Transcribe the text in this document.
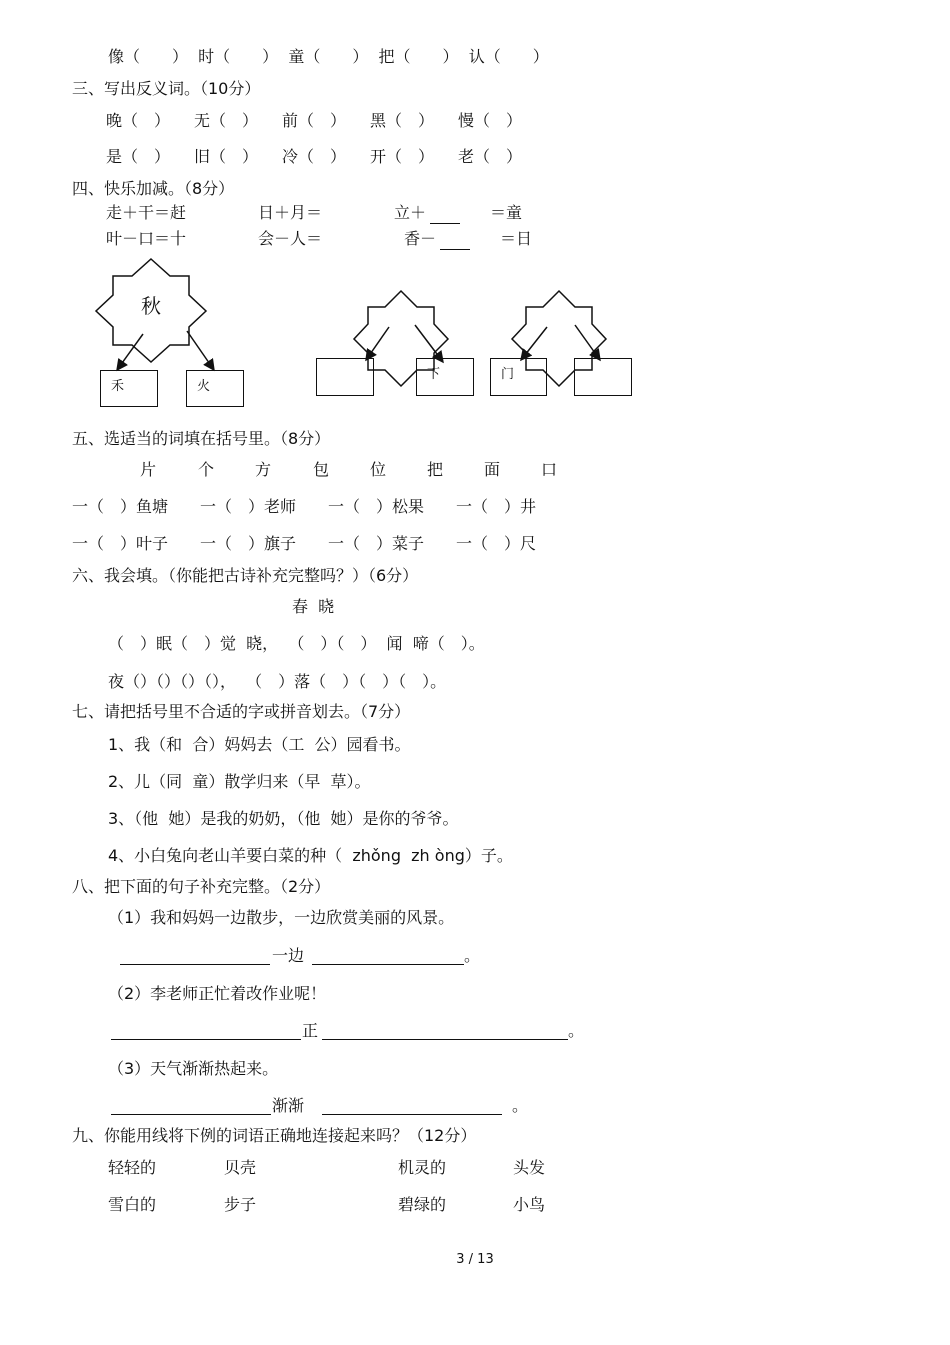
像（　　）  时（　　）  童（　　）  把（　　）  认（　　）
三、写出反义词。（10分）
晚（　）　　无（　）　　前（　）　　黑（　）　　慢（　）
是（　）　　旧（　）　　冷（　）　　开（　）　　老（　）
四、快乐加减。（8分）
走＋干＝赶	日＋月＝	立＋	＝童
叶－口＝十	会－人＝	香－	＝日
秋
禾	火
下	门
五、选适当的词填在括号里。（8分）
片	个	方	包	位	把	面	口
一（　）鱼塘　　一（　）老师　　一（　）松果　　一（　）井
一（　）叶子　　一（　）旗子　　一（　）菜子　　一（　）尺
六、我会填。（你能把古诗补充完整吗？）（6分）
春  晓
（　）眠（　）觉  晓，  （　）（　）  闻  啼（　）。
夜（）（）（）（），  （　）落（　）（　）（　）。
七、请把括号里不合适的字或拼音划去。（7分）
1、我（和  合）妈妈去（工  公）园看书。
2、儿（同  童）散学归来（早  草）。
3、（他  她）是我的奶奶，（他  她）是你的爷爷。
4、小白兔向老山羊要白菜的种（  zhǒng  zh òng）子。
八、把下面的句子补充完整。（2分）
（1）我和妈妈一边散步，一边欣赏美丽的风景。
一边	。
（2）李老师正忙着改作业呢！
正	。
（3）天气渐渐热起来。
渐渐	。
九、你能用线将下例的词语正确地连接起来吗？（12分）
轻轻的	贝壳	机灵的	头发
雪白的	步子	碧绿的	小鸟
3 / 13
